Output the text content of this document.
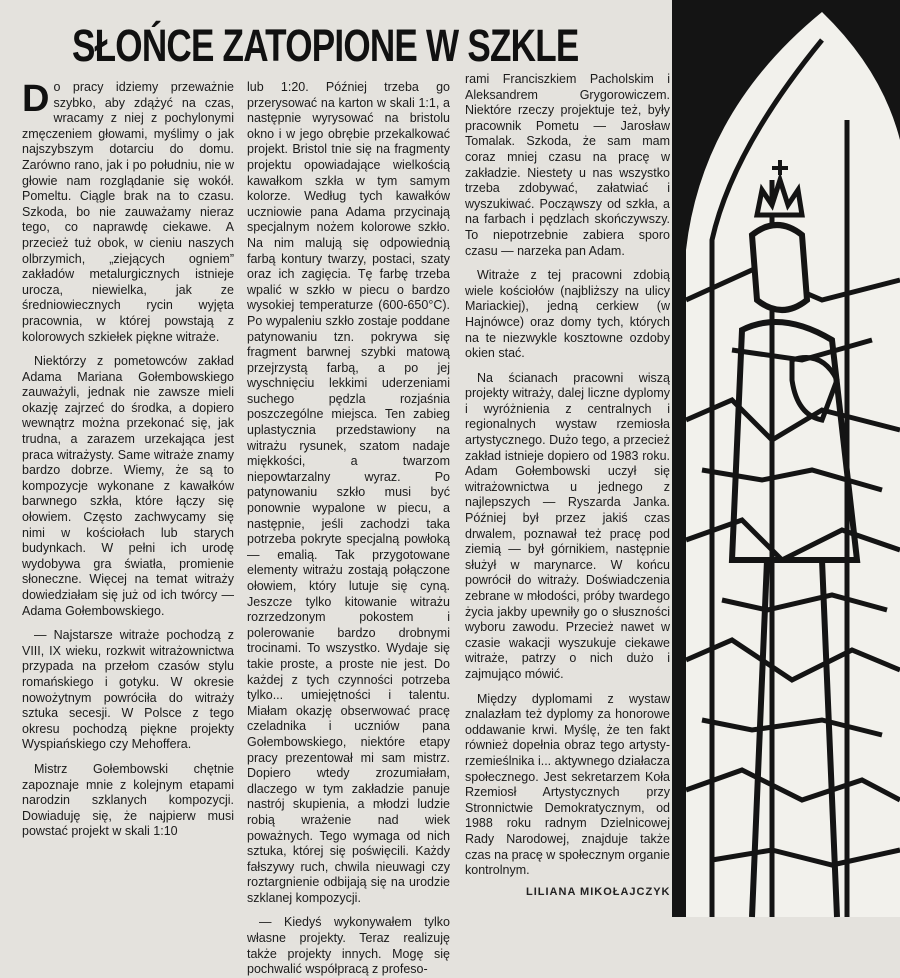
SŁOŃCE ZATOPIONE W SZKLE

Do pracy idziemy przeważnie szybko, aby zdążyć na czas, wracamy z niej z pochylonymi zmęczeniem głowami, myślimy o jak najszybszym dotarciu do domu. Zarówno rano, jak i po południu, nie w głowie nam rozglądanie się wokół. Pomeltu. Ciągle brak na to czasu. Szkoda, bo nie zauważamy nieraz tego, co naprawdę ciekawe. A przecież tuż obok, w cieniu naszych olbrzymich, „ziejących ogniem” zakładów metalurgicznych istnieje urocza, niewielka, jak ze średniowiecznych rycin wyjęta pracownia, w której powstają z kolorowych szkiełek piękne witraże.

Niektórzy z pometowców zakład Adama Mariana Gołembowskiego zauważyli, jednak nie zawsze mieli okazję zajrzeć do środka, a dopiero wewnątrz można przekonać się, jak trudna, a zarazem urzekająca jest praca witrażysty. Same witraże znamy bardzo dobrze. Wiemy, że są to kompozycje wykonane z kawałków barwnego szkła, które łączy się ołowiem. Często zachwycamy się nimi w kościołach lub starych budynkach. W pełni ich urodę wydobywa gra światła, promienie słoneczne. Więcej na temat witraży dowiedziałam się już od ich twórcy — Adama Gołembowskiego.

— Najstarsze witraże pochodzą z VIII, IX wieku, rozkwit witrażownictwa przypada na przełom czasów stylu romańskiego i gotyku. W okresie nowożytnym powróciła do witraży sztuka secesji. W Polsce z tego okresu pochodzą piękne projekty Wyspiańskiego czy Mehoffera.

Mistrz Gołembowski chętnie zapoznaje mnie z kolejnym etapami narodzin szklanych kompozycji. Dowiaduję się, że najpierw musi powstać projekt w skali 1:10

lub 1:20. Później trzeba go przerysować na karton w skali 1:1, a następnie wyrysować na bristolu okno i w jego obrębie przekalkować projekt. Bristol tnie się na fragmenty projektu opowiadające wielkością kawałkom szkła w tym samym kolorze. Według tych kawałków uczniowie pana Adama przycinają specjalnym nożem kolorowe szkło. Na nim malują się odpowiednią farbą kontury twarzy, postaci, szaty oraz ich zagięcia. Tę farbę trzeba wpalić w szkło w piecu o bardzo wysokiej temperaturze (600-650°C). Po wypaleniu szkło zostaje poddane patynowaniu tzn. pokrywa się fragment barwnej szybki matową przejrzystą farbą, a po jej wyschnięciu lekkimi uderzeniami suchego pędzla rozjaśnia poszczególne miejsca. Ten zabieg uplastycznia przedstawiony na witrażu rysunek, szatom nadaje miękkości, a twarzom niepowtarzalny wyraz. Po patynowaniu szkło musi być ponownie wypalone w piecu, a następnie, jeśli zachodzi taka potrzeba pokryte specjalną powłoką — emalią. Tak przygotowane elementy witrażu zostają połączone ołowiem, który lutuje się cyną. Jeszcze tylko kitowanie witrażu rozrzedzonym pokostem i polerowanie bardzo drobnymi trocinami. To wszystko. Wydaje się takie proste, a proste nie jest. Do każdej z tych czynności potrzeba tylko... umiejętności i talentu. Miałam okazję obserwować pracę czeladnika i uczniów pana Gołembowskiego, niektóre etapy pracy prezentował mi sam mistrz. Dopiero wtedy zrozumiałam, dlaczego w tym zakładzie panuje nastrój skupienia, a młodzi ludzie robią wrażenie nad wiek poważnych. Tego wymaga od nich sztuka, której się poświęcili. Każdy fałszywy ruch, chwila nieuwagi czy roztargnienie odbijają się na urodzie szklanej kompozycji.

— Kiedyś wykonywałem tylko własne projekty. Teraz realizuję także projekty innych. Mogę się pochwalić współpracą z profeso-

rami Franciszkiem Pacholskim i Aleksandrem Grygorowiczem. Niektóre rzeczy projektuje też, były pracownik Pometu — Jarosław Tomalak. Szkoda, że sam mam coraz mniej czasu na pracę w zakładzie. Niestety u nas wszystko trzeba zdobywać, załatwiać i wyszukiwać. Począwszy od szkła, a na farbach i pędzlach skończywszy. To niepotrzebnie zabiera sporo czasu — narzeka pan Adam.

Witraże z tej pracowni zdobią wiele kościołów (najbliższy na ulicy Mariackiej), jedną cerkiew (w Hajnówce) oraz domy tych, których na te niezwykle kosztowne ozdoby okien stać.

Na ścianach pracowni wiszą projekty witraży, dalej liczne dyplomy i wyróżnienia z centralnych i regionalnych wystaw rzemiosła artystycznego. Dużo tego, a przecież zakład istnieje dopiero od 1983 roku. Adam Gołembowski uczył się witrażownictwa u jednego z najlepszych — Ryszarda Janka. Później był przez jakiś czas drwalem, poznawał też pracę pod ziemią — był górnikiem, następnie służył w marynarce. W końcu powrócił do witraży. Doświadczenia zebrane w młodości, próby twardego życia jakby upewniły go o słuszności wyboru zawodu. Przecież nawet w czasie wakacji wyszukuje ciekawe witraże, patrzy o nich dużo i zajmująco mówić.

Między dyplomami z wystaw znalazłam też dyplomy za honorowe oddawanie krwi. Myślę, że ten fakt również dopełnia obraz tego artysty-rzemieślnika i... aktywnego działacza społecznego. Jest sekretarzem Koła Rzemiosł Artystycznych przy Stronnictwie Demokratycznym, od 1988 roku radnym Dzielnicowej Rady Narodowej, znajduje także czas na pracę w społecznym organie kontrolnym.

LILIANA MIKOŁAJCZYK
